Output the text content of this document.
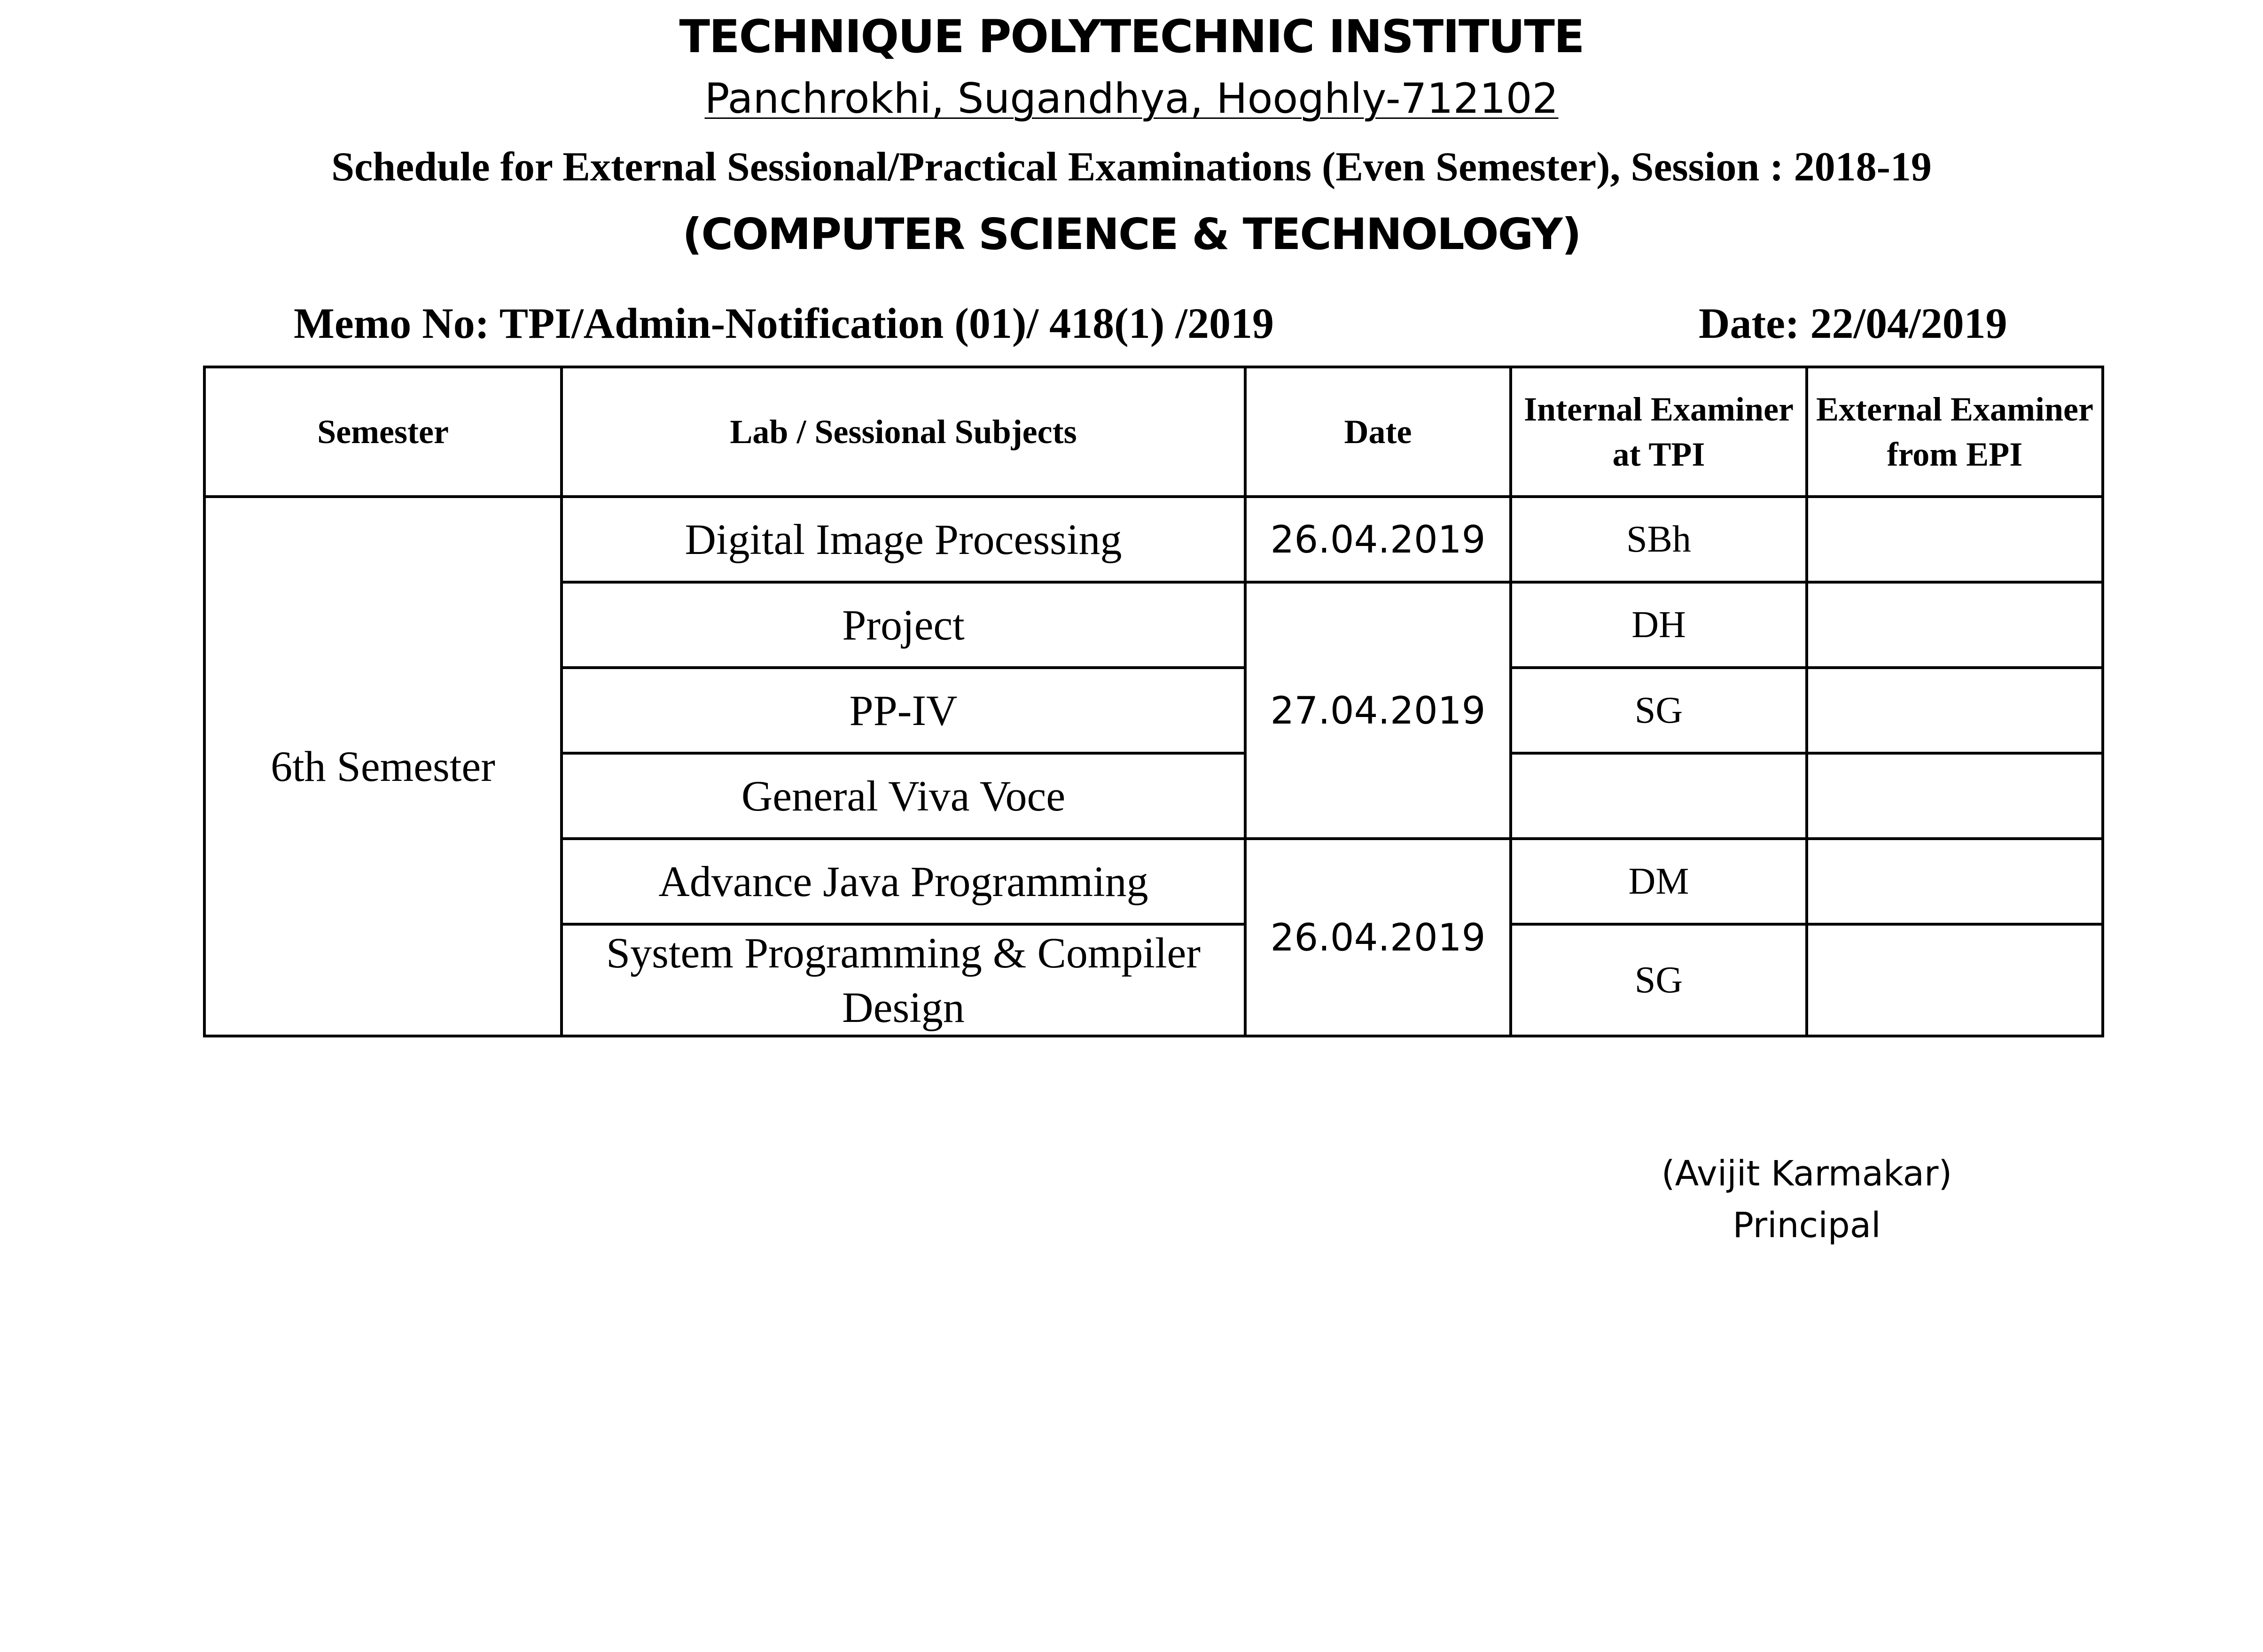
TECHNIQUE POLYTECHNIC INSTITUTE
Panchrokhi, Sugandhya, Hooghly-712102
Schedule for External Sessional/Practical Examinations (Even Semester), Session : 2018-19
(COMPUTER SCIENCE & TECHNOLOGY)
Memo No: TPI/Admin-Notification (01)/ 418(1) /2019	Date: 22/04/2019
Semester	Lab / Sessional Subjects	Date	Internal Examiner at TPI	External Examiner from EPI
6th Semester	Digital Image Processing	26.04.2019	SBh	
	Project	27.04.2019	DH	
	PP-IV		SG	
	General Viva Voce			
	Advance Java Programming	26.04.2019	DM	
	System Programming & Compiler Design		SG	
(Avijit Karmakar)
Principal
